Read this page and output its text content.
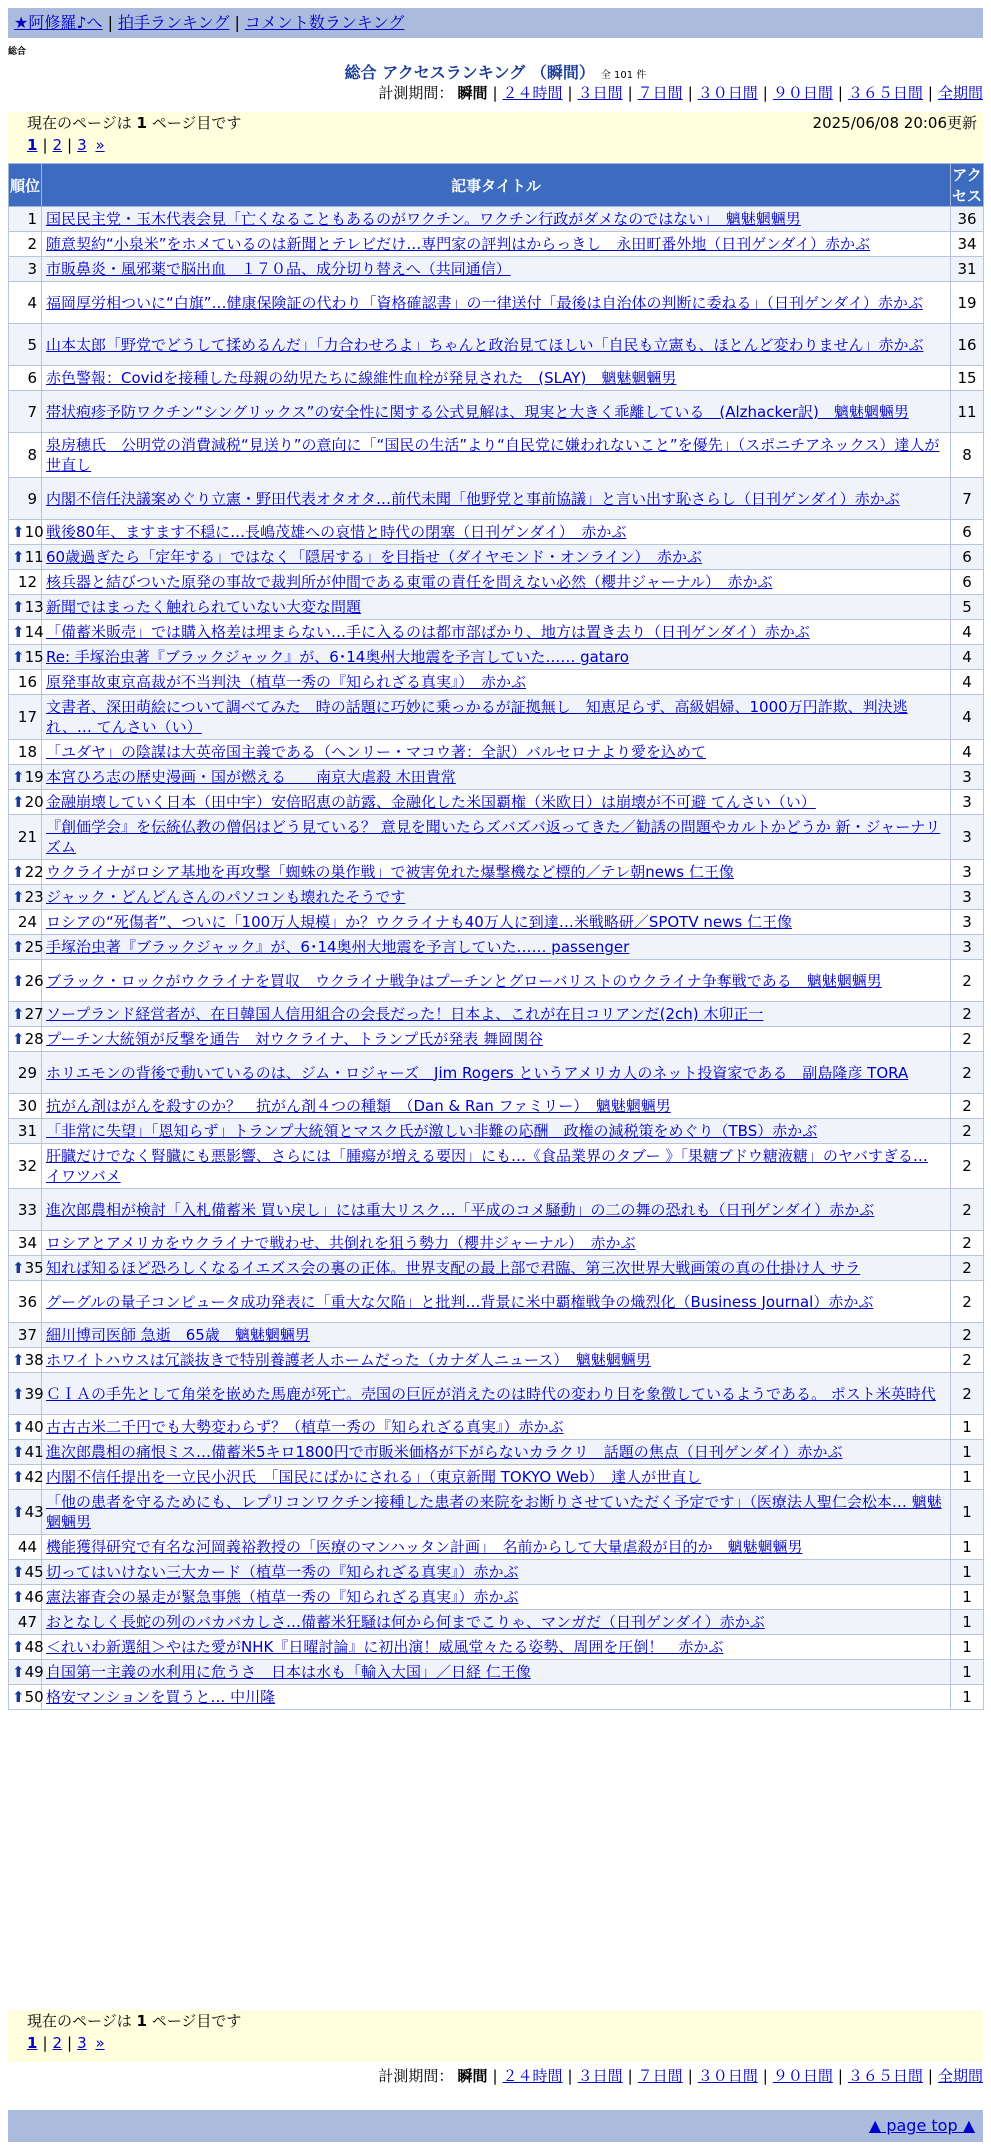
★阿修羅♪へ | 拍手ランキング | コメント数ランキング
総合
総合 アクセスランキング （瞬間） 全 101 件
計測期間： 瞬間 | ２４時間 | ３日間 | ７日間 | ３０日間 | ９０日間 | ３６５日間 | 全期間
現在のページは 1 ページ目です	2025/06/08 20:06更新
1 | 2 | 3 »
順位	記事タイトル	アクセス
1	国民民主党・玉木代表会見「亡くなることもあるのがワクチン。ワクチン行政がダメなのではない」　魑魅魍魎男	36
2	随意契約“小泉米”をホメているのは新聞とテレビだけ…専門家の評判はからっきし　永田町番外地（日刊ゲンダイ）赤かぶ	34
3	市販鼻炎・風邪薬で脳出血　１７０品、成分切り替えへ（共同通信）	31
4	福岡厚労相ついに“白旗”…健康保険証の代わり「資格確認書」の一律送付「最後は自治体の判断に委ねる」（日刊ゲンダイ）赤かぶ	19
5	山本太郎「野党でどうして揉めるんだ」「力合わせろよ」ちゃんと政治見てほしい「自民も立憲も、ほとんど変わりません」赤かぶ	16
6	赤色警報：Covidを接種した母親の幼児たちに線維性血栓が発見された　(SLAY)　魑魅魍魎男	15
7	帯状疱疹予防ワクチン“シングリックス”の安全性に関する公式見解は、現実と大きく乖離している　(Alzhacker訳)　魑魅魍魎男	11
8	泉房穂氏　公明党の消費減税“見送り”の意向に「“国民の生活”より“自民党に嫌われないこと”を優先」（スポニチアネックス）達人が世直し	8
9	内閣不信任決議案めぐり立憲・野田代表オタオタ…前代未聞「他野党と事前協議」と言い出す恥さらし（日刊ゲンダイ）赤かぶ	7

⬆ 10	戦後80年、ますます不穏に…長嶋茂雄への哀惜と時代の閉塞（日刊ゲンダイ）　赤かぶ	6

⬆ 11	60歳過ぎたら「定年する」ではなく「隠居する」を目指せ（ダイヤモンド・オンライン）　赤かぶ	6
12	核兵器と結びついた原発の事故で裁判所が仲間である東電の責任を問えない必然（櫻井ジャーナル）　赤かぶ	6

⬆ 13	新聞ではまったく触れられていない大変な問題	5

⬆ 14	「備蓄米販売」では購入格差は埋まらない…手に入るのは都市部ばかり、地方は置き去り（日刊ゲンダイ）赤かぶ	4

⬆ 15	Re: 手塚治虫著『ブラックジャック』が、6･14奥州大地震を予言していた…… gataro	4
16	原発事故東京高裁が不当判決（植草一秀の『知られざる真実』）　赤かぶ	4
17	文書者、深田萌絵について調べてみた　時の話題に巧妙に乗っかるが証拠無し　知恵足らず、高級娼婦、1000万円詐欺、判決逃れ、… てんさい（い）	4
18	「ユダヤ」の陰謀は大英帝国主義である（ヘンリー・マコウ著：全訳）バルセロナより愛を込めて	4

⬆ 19	本宮ひろ志の歴史漫画・国が燃える　　南京大虐殺 木田貴常	3

⬆ 20	金融崩壊していく日本（田中宇）安倍昭恵の訪露、金融化した米国覇権（米欧日）は崩壊が不可避 てんさい（い）	3
21	『創価学会』を伝統仏教の僧侶はどう見ている？ 意見を聞いたらズバズバ返ってきた／勧誘の問題やカルトかどうか 新・ジャーナリズム	3

⬆ 22	ウクライナがロシア基地を再攻撃「蜘蛛の巣作戦」で被害免れた爆撃機など標的／テレ朝news 仁王像	3

⬆ 23	ジャック・どんどんさんのパソコンも壊れたそうです	3
24	ロシアの“死傷者”、ついに「100万人規模」か？ウクライナも40万人に到達…米戦略研／SPOTV news 仁王像	3

⬆ 25	手塚治虫著『ブラックジャック』が、6･14奥州大地震を予言していた…… passenger	3

⬆ 26	ブラック・ロックがウクライナを買収　ウクライナ戦争はプーチンとグローバリストのウクライナ争奪戦である　魑魅魍魎男	2

⬆ 27	ソープランド経営者が、在日韓国人信用組合の会長だった！日本よ、これが在日コリアンだ(2ch) 木卯正一	2

⬆ 28	プーチン大統領が反撃を通告　対ウクライナ、トランプ氏が発表 舞岡関谷	2
29	ホリエモンの背後で動いているのは、ジム・ロジャーズ　Jim Rogers というアメリカ人のネット投資家である　副島隆彦 TORA	2
30	抗がん剤はがんを殺すのか？　抗がん剤４つの種類　（Dan & Ran ファミリー）　魑魅魍魎男	2
31	「非常に失望」「恩知らず」トランプ大統領とマスク氏が激しい非難の応酬　政権の減税策をめぐり（TBS）赤かぶ	2
32	肝臓だけでなく腎臓にも悪影響、さらには「腫瘍が増える要因」にも…《食品業界のタブー 》「果糖ブドウ糖液糖」のヤバすぎる… イワツバメ	2
33	進次郎農相が検討「入札備蓄米 買い戻し」には重大リスク…「平成のコメ騒動」の二の舞の恐れも（日刊ゲンダイ）赤かぶ	2
34	ロシアとアメリカをウクライナで戦わせ、共倒れを狙う勢力（櫻井ジャーナル）　赤かぶ	2

⬆ 35	知れば知るほど恐ろしくなるイエズス会の裏の正体。世界支配の最上部で君臨、第三次世界大戦画策の真の仕掛け人 サラ	2
36	グーグルの量子コンピュータ成功発表に「重大な欠陥」と批判…背景に米中覇権戦争の熾烈化（Business Journal）赤かぶ	2
37	細川博司医師 急逝　65歳　魑魅魍魎男	2

⬆ 38	ホワイトハウスは冗談抜きで特別養護老人ホームだった（カナダ人ニュース）　魑魅魍魎男	2

⬆ 39	ＣＩＡの手先として角栄を嵌めた馬鹿が死亡。売国の巨匠が消えたのは時代の変わり目を象徴しているようである。 ポスト米英時代	2

⬆ 40	古古古米二千円でも大勢変わらず？（植草一秀の『知られざる真実』）赤かぶ	1

⬆ 41	進次郎農相の痛恨ミス…備蓄米5キロ1800円で市販米価格が下がらないカラクリ　話題の焦点（日刊ゲンダイ）赤かぶ	1

⬆ 42	内閣不信任提出を一立民小沢氏　「国民にばかにされる」（東京新聞 TOKYO Web）　達人が世直し	1

⬆ 43	「他の患者を守るためにも、レプリコンワクチン接種した患者の来院をお断りさせていただく予定です」（医療法人聖仁会松本… 魑魅魍魎男	1
44	機能獲得研究で有名な河岡義裕教授の「医療のマンハッタン計画」　名前からして大量虐殺が目的か　魑魅魍魎男	1

⬆ 45	切ってはいけない三大カード（植草一秀の『知られざる真実』）赤かぶ	1

⬆ 46	憲法審査会の暴走が緊急事態（植草一秀の『知られざる真実』）赤かぶ	1
47	おとなしく長蛇の列のバカバカしさ…備蓄米狂騒は何から何までこりゃ、マンガだ（日刊ゲンダイ）赤かぶ	1

⬆ 48	＜れいわ新選組＞やはた愛がNHK『日曜討論』に初出演！威風堂々たる姿勢、周囲を圧倒！　赤かぶ	1

⬆ 49	自国第一主義の水利用に危うさ　日本は水も「輸入大国」／日経 仁王像	1

⬆ 50	格安マンションを買うと… 中川隆	1
現在のページは 1 ページ目です
1 | 2 | 3 »
計測期間： 瞬間 | ２４時間 | ３日間 | ７日間 | ３０日間 | ９０日間 | ３６５日間 | 全期間
▲ page top ▲
